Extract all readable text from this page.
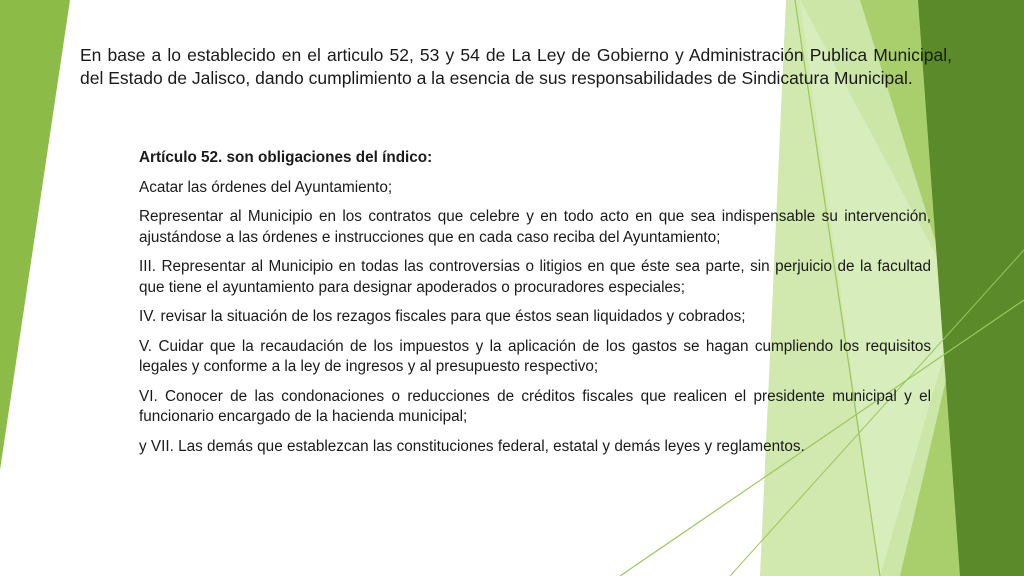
En base a lo establecido en el articulo 52, 53 y 54 de La Ley de Gobierno y Administración Publica Municipal, del Estado de Jalisco, dando cumplimiento a la esencia de sus responsabilidades de Sindicatura Municipal.

Artículo 52. son obligaciones del índico:

Acatar las órdenes del Ayuntamiento;

Representar al Municipio en los contratos que celebre y en todo acto en que sea indispensable su intervención, ajustándose a las órdenes e instrucciones que en cada caso reciba del Ayuntamiento;

III. Representar al Municipio en todas las controversias o litigios en que éste sea parte, sin perjuicio de la facultad que tiene el ayuntamiento para designar apoderados o procuradores especiales;

IV. revisar la situación de los rezagos fiscales para que éstos sean liquidados y cobrados;

V. Cuidar que la recaudación de los impuestos y la aplicación de los gastos se hagan cumpliendo los requisitos legales y conforme a la ley de ingresos y al presupuesto respectivo;

VI. Conocer de las condonaciones o reducciones de créditos fiscales que realicen el presidente municipal y el funcionario encargado de la hacienda municipal;

y VII. Las demás que establezcan las constituciones federal, estatal y demás leyes y reglamentos.
